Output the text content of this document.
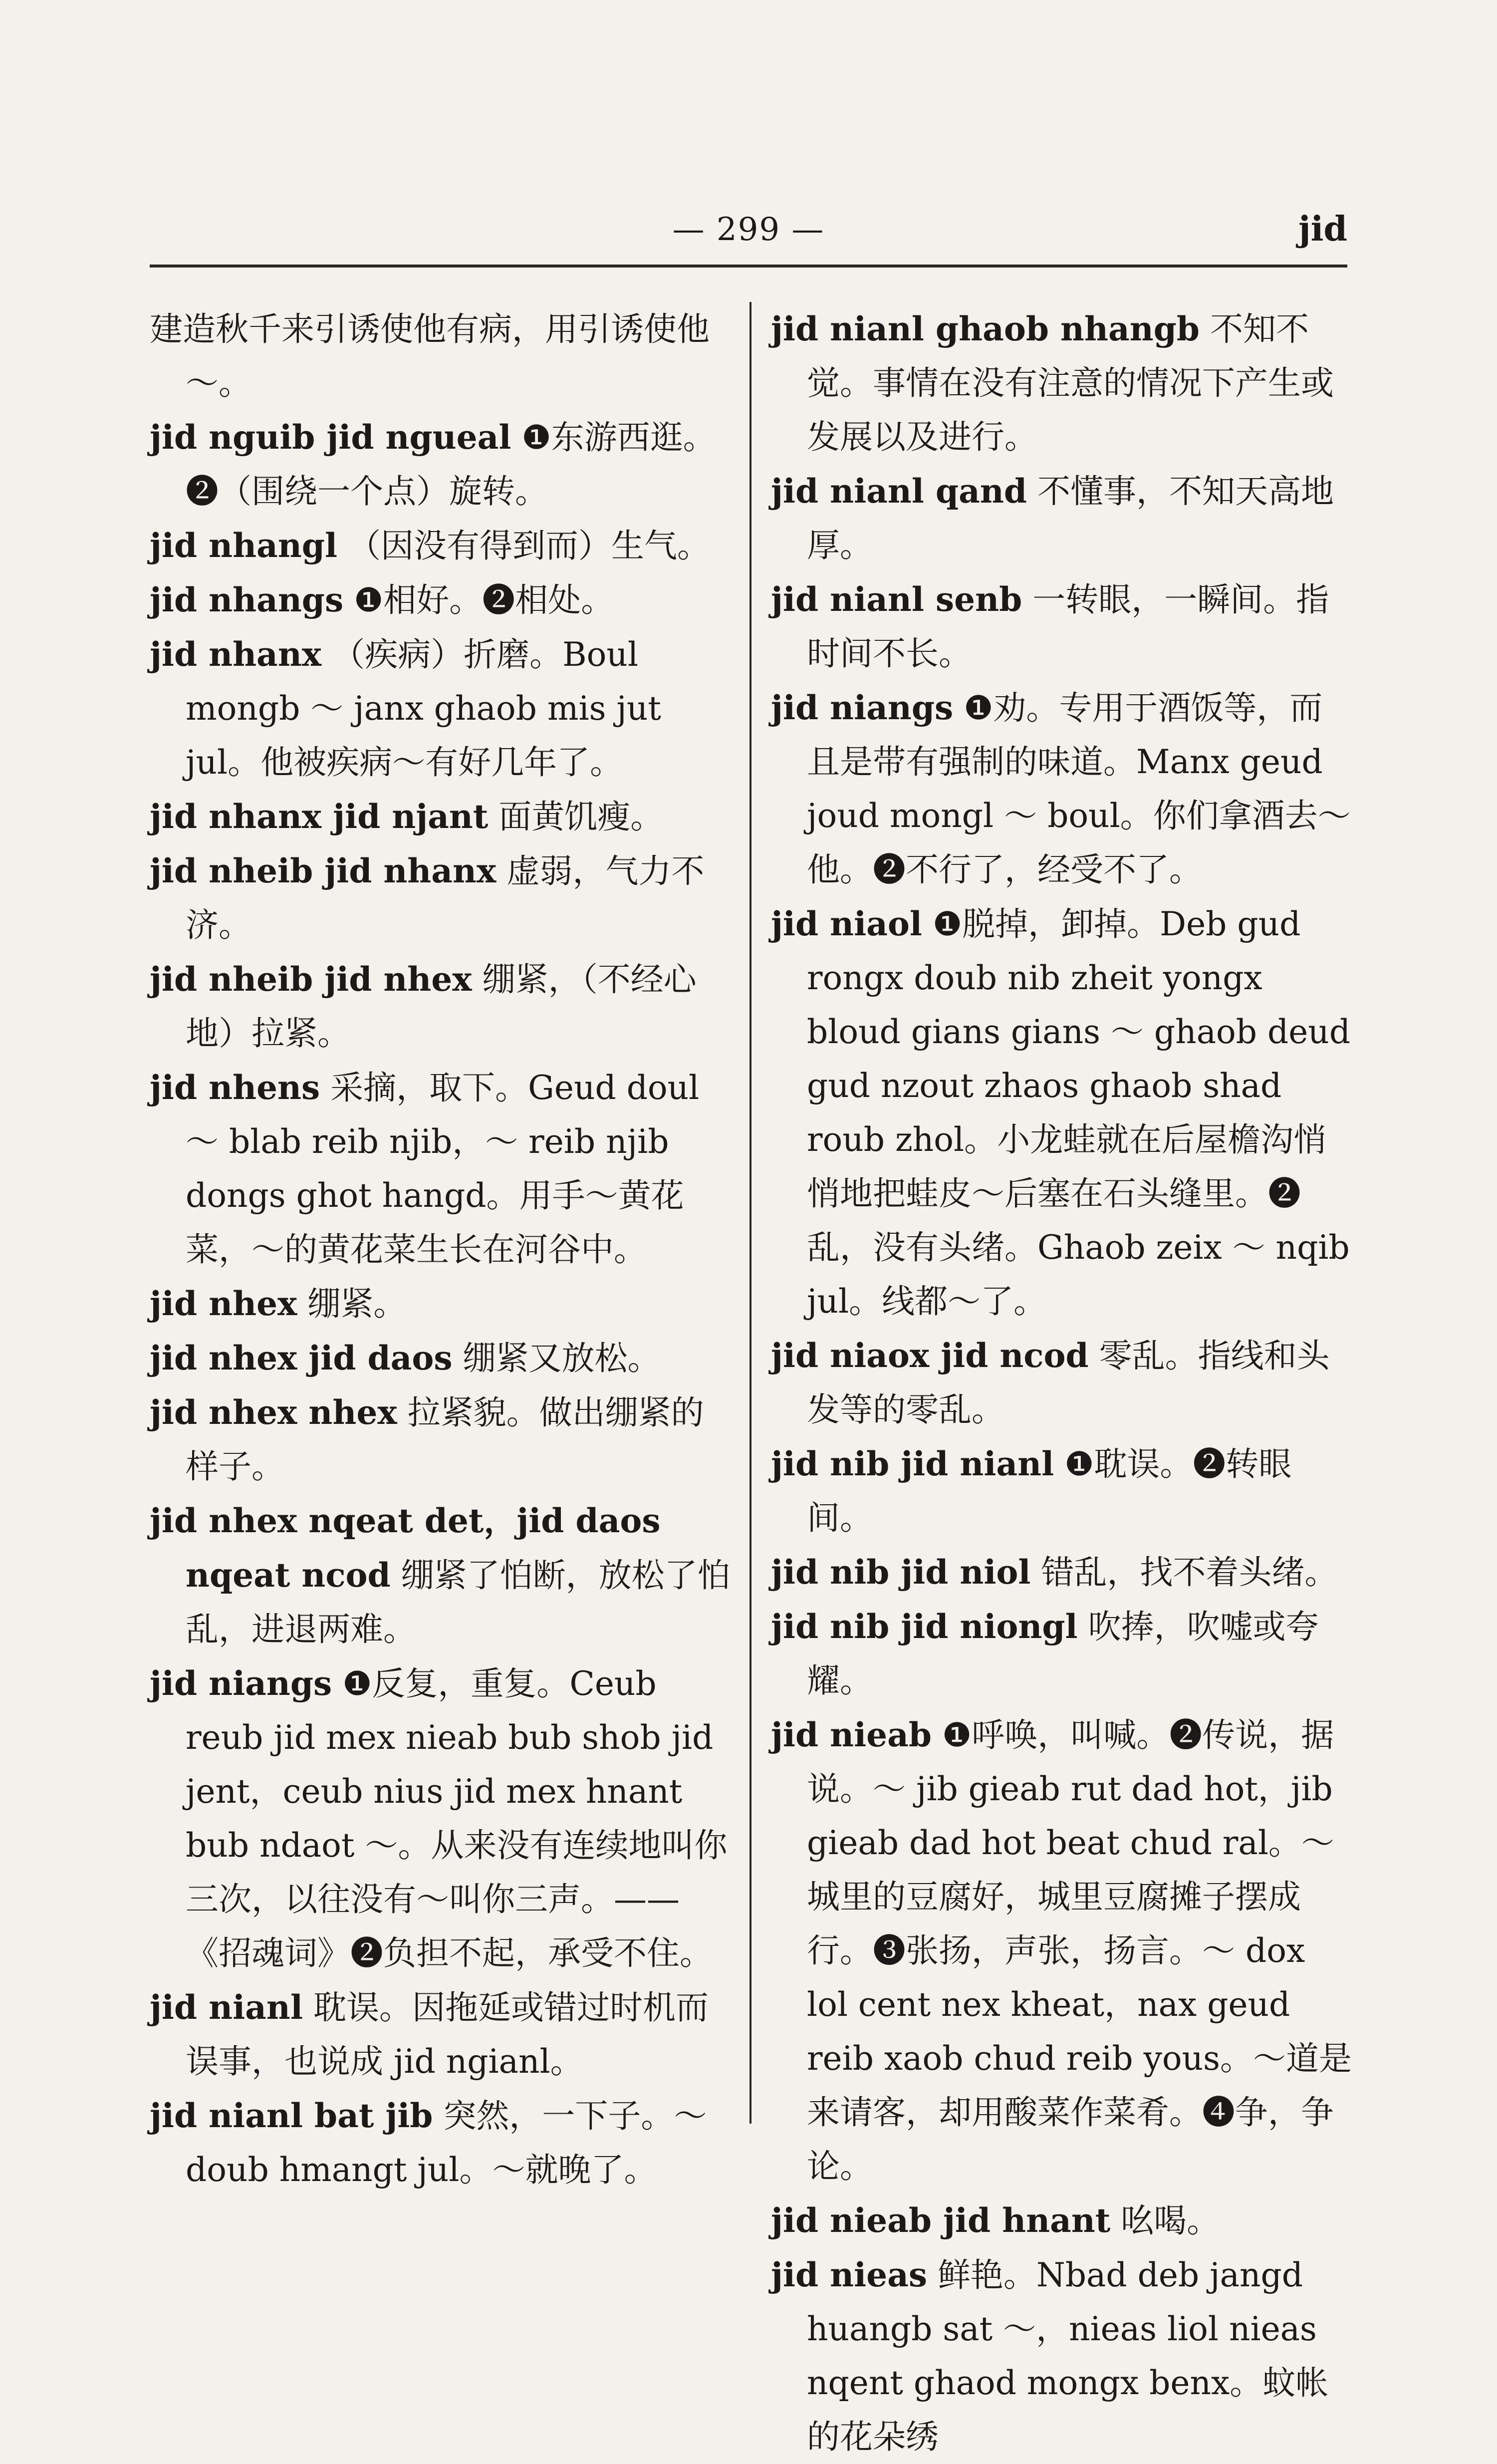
— 299 —	jid

建造秋千来引诱使他有病，用引诱使他～。

jid nguib jid ngueal ❶东游西逛。❷（围绕一个点）旋转。

jid nhangl （因没有得到而）生气。

jid nhangs ❶相好。❷相处。

jid nhanx （疾病）折磨。Boul mongb ～ janx ghaob mis jut jul。他被疾病～有好几年了。

jid nhanx jid njant 面黄饥瘦。

jid nheib jid nhanx 虚弱，气力不济。

jid nheib jid nhex 绷紧，（不经心地）拉紧。

jid nhens 采摘，取下。Geud doul ～ blab reib njib，～ reib njib dongs ghot hangd。用手～黄花菜，～的黄花菜生长在河谷中。

jid nhex 绷紧。

jid nhex jid daos 绷紧又放松。

jid nhex nhex 拉紧貌。做出绷紧的样子。

jid nhex nqeat det，jid daos nqeat ncod 绷紧了怕断，放松了怕乱，进退两难。

jid niangs ❶反复，重复。Ceub reub jid mex nieab bub shob jid jent，ceub nius jid mex hnant bub ndaot ～。从来没有连续地叫你三次，以往没有～叫你三声。——《招魂词》❷负担不起，承受不住。

jid nianl 耽误。因拖延或错过时机而误事，也说成 jid ngianl。

jid nianl bat jib 突然，一下子。～doub hmangt jul。～就晚了。

jid nianl ghaob nhangb 不知不觉。事情在没有注意的情况下产生或发展以及进行。

jid nianl qand 不懂事，不知天高地厚。

jid nianl senb 一转眼，一瞬间。指时间不长。

jid niangs ❶劝。专用于酒饭等，而且是带有强制的味道。Manx geud joud mongl ～ boul。你们拿酒去～他。❷不行了，经受不了。

jid niaol ❶脱掉，卸掉。Deb gud rongx doub nib zheit yongx bloud gians gians ～ ghaob deud gud nzout zhaos ghaob shad roub zhol。小龙蛙就在后屋檐沟悄悄地把蛙皮～后塞在石头缝里。❷乱，没有头绪。Ghaob zeix ～ nqib jul。线都～了。

jid niaox jid ncod 零乱。指线和头发等的零乱。

jid nib jid nianl ❶耽误。❷转眼间。

jid nib jid niol 错乱，找不着头绪。

jid nib jid niongl 吹捧，吹嘘或夸耀。

jid nieab ❶呼唤，叫喊。❷传说，据说。～ jib gieab rut dad hot，jib gieab dad hot beat chud ral。～ 城里的豆腐好，城里豆腐摊子摆成行。❸张扬，声张，扬言。～ dox lol cent nex kheat，nax geud reib xaob chud reib yous。～道是来请客，却用酸菜作菜肴。❹争，争论。

jid nieab jid hnant 吆喝。

jid nieas 鲜艳。Nbad deb jangd huangb sat ～，nieas liol nieas nqent ghaod mongx benx。蚊帐的花朵绣
